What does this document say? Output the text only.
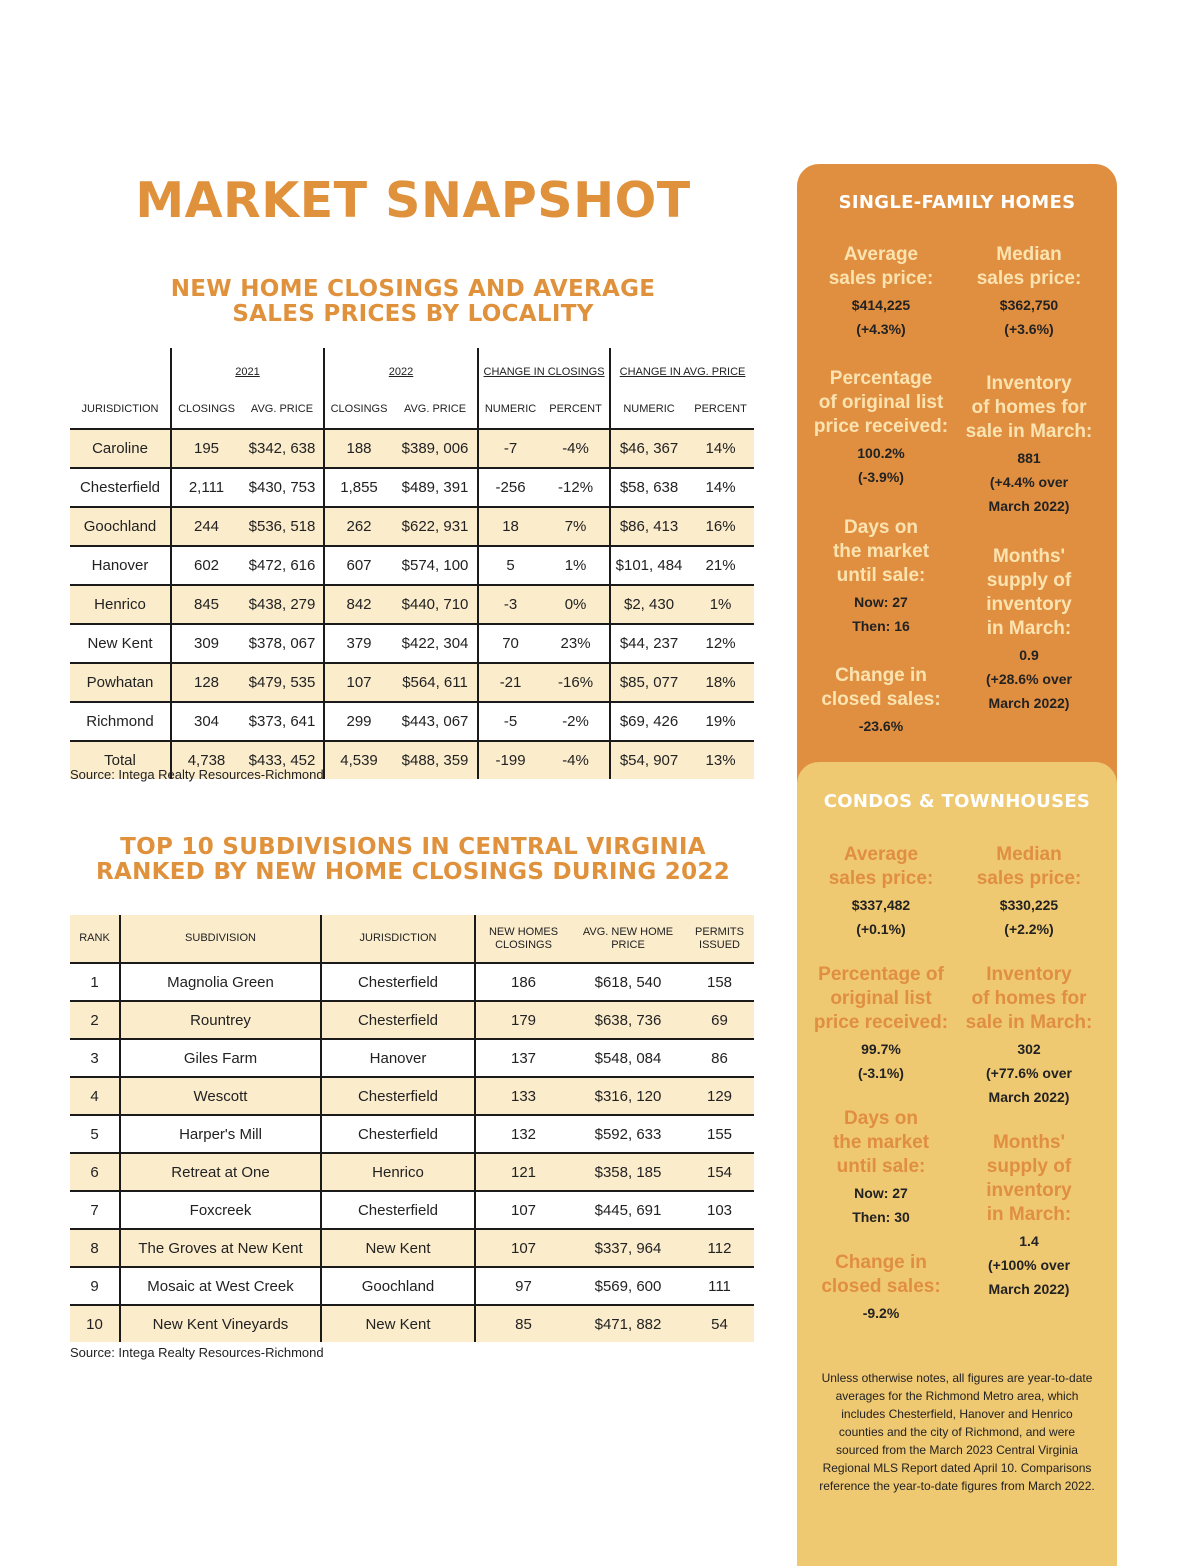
MARKET SNAPSHOT
NEW HOME CLOSINGS AND AVERAGE
SALES PRICES BY LOCALITY
	2021		2022		CHANGE IN CLOSINGS		CHANGE IN AVG. PRICE	
JURISDICTION	CLOSINGS	AVG. PRICE	CLOSINGS	AVG. PRICE	NUMERIC	PERCENT	NUMERIC	PERCENT
Caroline	195	$342, 638	188	$389, 006	-7	-4%	$46, 367	14%
Chesterfield	2,111	$430, 753	1,855	$489, 391	-256	-12%	$58, 638	14%
Goochland	244	$536, 518	262	$622, 931	18	7%	$86, 413	16%
Hanover	602	$472, 616	607	$574, 100	5	1%	$101, 484	21%
Henrico	845	$438, 279	842	$440, 710	-3	0%	$2, 430	1%
New Kent	309	$378, 067	379	$422, 304	70	23%	$44, 237	12%
Powhatan	128	$479, 535	107	$564, 611	-21	-16%	$85, 077	18%
Richmond	304	$373, 641	299	$443, 067	-5	-2%	$69, 426	19%
Total	4,738	$433, 452	4,539	$488, 359	-199	-4%	$54, 907	13%
Source: Intega Realty Resources-Richmond
TOP 10 SUBDIVISIONS IN CENTRAL VIRGINIA
RANKED BY NEW HOME CLOSINGS DURING 2022
RANK	SUBDIVISION	JURISDICTION	NEW HOMES CLOSINGS	AVG. NEW HOME PRICE	PERMITS ISSUED
1	Magnolia Green	Chesterfield	186	$618, 540	158
2	Rountrey	Chesterfield	179	$638, 736	69
3	Giles Farm	Hanover	137	$548, 084	86
4	Wescott	Chesterfield	133	$316, 120	129
5	Harper's Mill	Chesterfield	132	$592, 633	155
6	Retreat at One	Henrico	121	$358, 185	154
7	Foxcreek	Chesterfield	107	$445, 691	103
8	The Groves at New Kent	New Kent	107	$337, 964	112
9	Mosaic at West Creek	Goochland	97	$569, 600	111
10	New Kent Vineyards	New Kent	85	$471, 882	54
Source: Intega Realty Resources-Richmond
SINGLE-FAMILY HOMES
Average
sales price:
$414,225
(+4.3%)
Median
sales price:
$362,750
(+3.6%)
Percentage
of original list
price received:
100.2%
(-3.9%)
Inventory
of homes for
sale in March:
881
(+4.4% over
March 2022)
Days on
the market
until sale:
Now: 27
Then: 16
Months'
supply of
inventory
in March:
0.9
(+28.6% over
March 2022)
Change in
closed sales:
-23.6%
CONDOS & TOWNHOUSES
Average
sales price:
$337,482
(+0.1%)
Median
sales price:
$330,225
(+2.2%)
Percentage of
original list
price received:
99.7%
(-3.1%)
Inventory
of homes for
sale in March:
302
(+77.6% over
March 2022)
Days on
the market
until sale:
Now: 27
Then: 30
Months'
supply of
inventory
in March:
1.4
(+100% over
March 2022)
Change in
closed sales:
-9.2%
Unless otherwise notes, all figures are year-to-date averages for the Richmond Metro area, which includes Chesterfield, Hanover and Henrico counties and the city of Richmond, and were sourced from the March 2023 Central Virginia Regional MLS Report dated April 10. Comparisons reference the year-to-date figures from March 2022.
